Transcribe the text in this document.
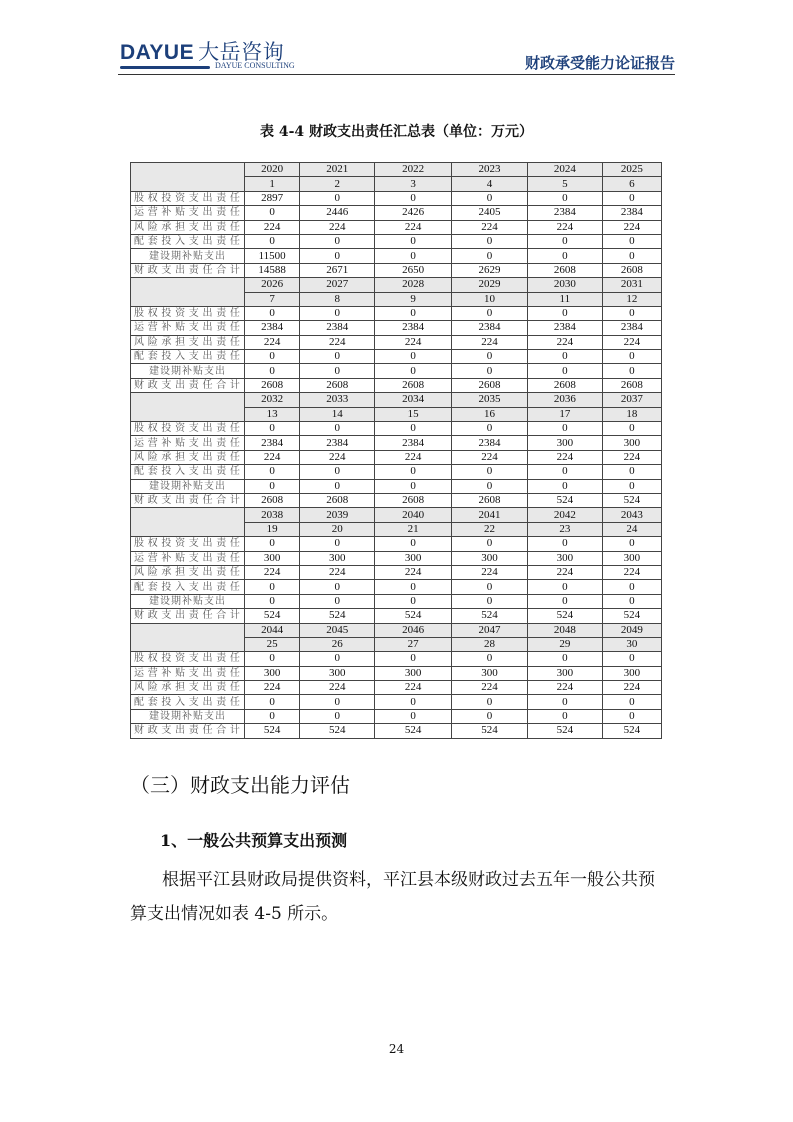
DAYUE 大岳咨询
DAYUE CONSULTING	财政承受能力论证报告
表 4-4 财政支出责任汇总表（单位：万元）
	2020	2021	2022	2023	2024	2025
	1	2	3	4	5	6
股权投资支出责任	2897	0	0	0	0	0
运营补贴支出责任	0	2446	2426	2405	2384	2384
风险承担支出责任	224	224	224	224	224	224
配套投入支出责任	0	0	0	0	0	0
建设期补贴支出	11500	0	0	0	0	0
财政支出责任合计	14588	2671	2650	2629	2608	2608
	2026	2027	2028	2029	2030	2031
	7	8	9	10	11	12
股权投资支出责任	0	0	0	0	0	0
运营补贴支出责任	2384	2384	2384	2384	2384	2384
风险承担支出责任	224	224	224	224	224	224
配套投入支出责任	0	0	0	0	0	0
建设期补贴支出	0	0	0	0	0	0
财政支出责任合计	2608	2608	2608	2608	2608	2608
	2032	2033	2034	2035	2036	2037
	13	14	15	16	17	18
股权投资支出责任	0	0	0	0	0	0
运营补贴支出责任	2384	2384	2384	2384	300	300
风险承担支出责任	224	224	224	224	224	224
配套投入支出责任	0	0	0	0	0	0
建设期补贴支出	0	0	0	0	0	0
财政支出责任合计	2608	2608	2608	2608	524	524
	2038	2039	2040	2041	2042	2043
	19	20	21	22	23	24
股权投资支出责任	0	0	0	0	0	0
运营补贴支出责任	300	300	300	300	300	300
风险承担支出责任	224	224	224	224	224	224
配套投入支出责任	0	0	0	0	0	0
建设期补贴支出	0	0	0	0	0	0
财政支出责任合计	524	524	524	524	524	524
	2044	2045	2046	2047	2048	2049
	25	26	27	28	29	30
股权投资支出责任	0	0	0	0	0	0
运营补贴支出责任	300	300	300	300	300	300
风险承担支出责任	224	224	224	224	224	224
配套投入支出责任	0	0	0	0	0	0
建设期补贴支出	0	0	0	0	0	0
财政支出责任合计	524	524	524	524	524	524
（三）财政支出能力评估
1、一般公共预算支出预测
根据平江县财政局提供资料，平江县本级财政过去五年一般公共预算支出情况如表 4-5 所示。
24
